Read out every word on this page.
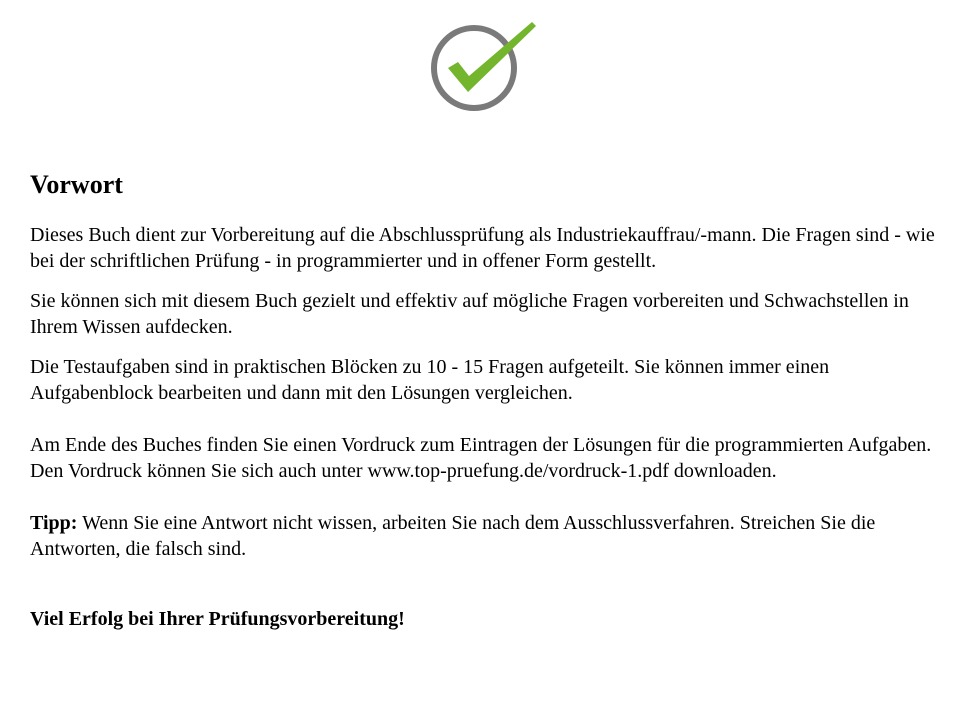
Vorwort

Dieses Buch dient zur Vorbereitung auf die Abschlussprüfung als Industriekauffrau/-mann. Die Fragen sind - wie bei der schriftlichen Prüfung - in programmierter und in offener Form gestellt.

Sie können sich mit diesem Buch gezielt und effektiv auf mögliche Fragen vorbereiten und Schwachstellen in Ihrem Wissen aufdecken.

Die Testaufgaben sind in praktischen Blöcken zu 10 - 15 Fragen aufgeteilt. Sie können immer einen Aufgabenblock bearbeiten und dann mit den Lösungen vergleichen.

Am Ende des Buches finden Sie einen Vordruck zum Eintragen der Lösungen für die programmierten Aufgaben. Den Vordruck können Sie sich auch unter www.top-pruefung.de/vordruck-1.pdf downloaden.

Tipp: Wenn Sie eine Antwort nicht wissen, arbeiten Sie nach dem Ausschlussverfahren. Streichen Sie die Antworten, die falsch sind.

Viel Erfolg bei Ihrer Prüfungsvorbereitung!
